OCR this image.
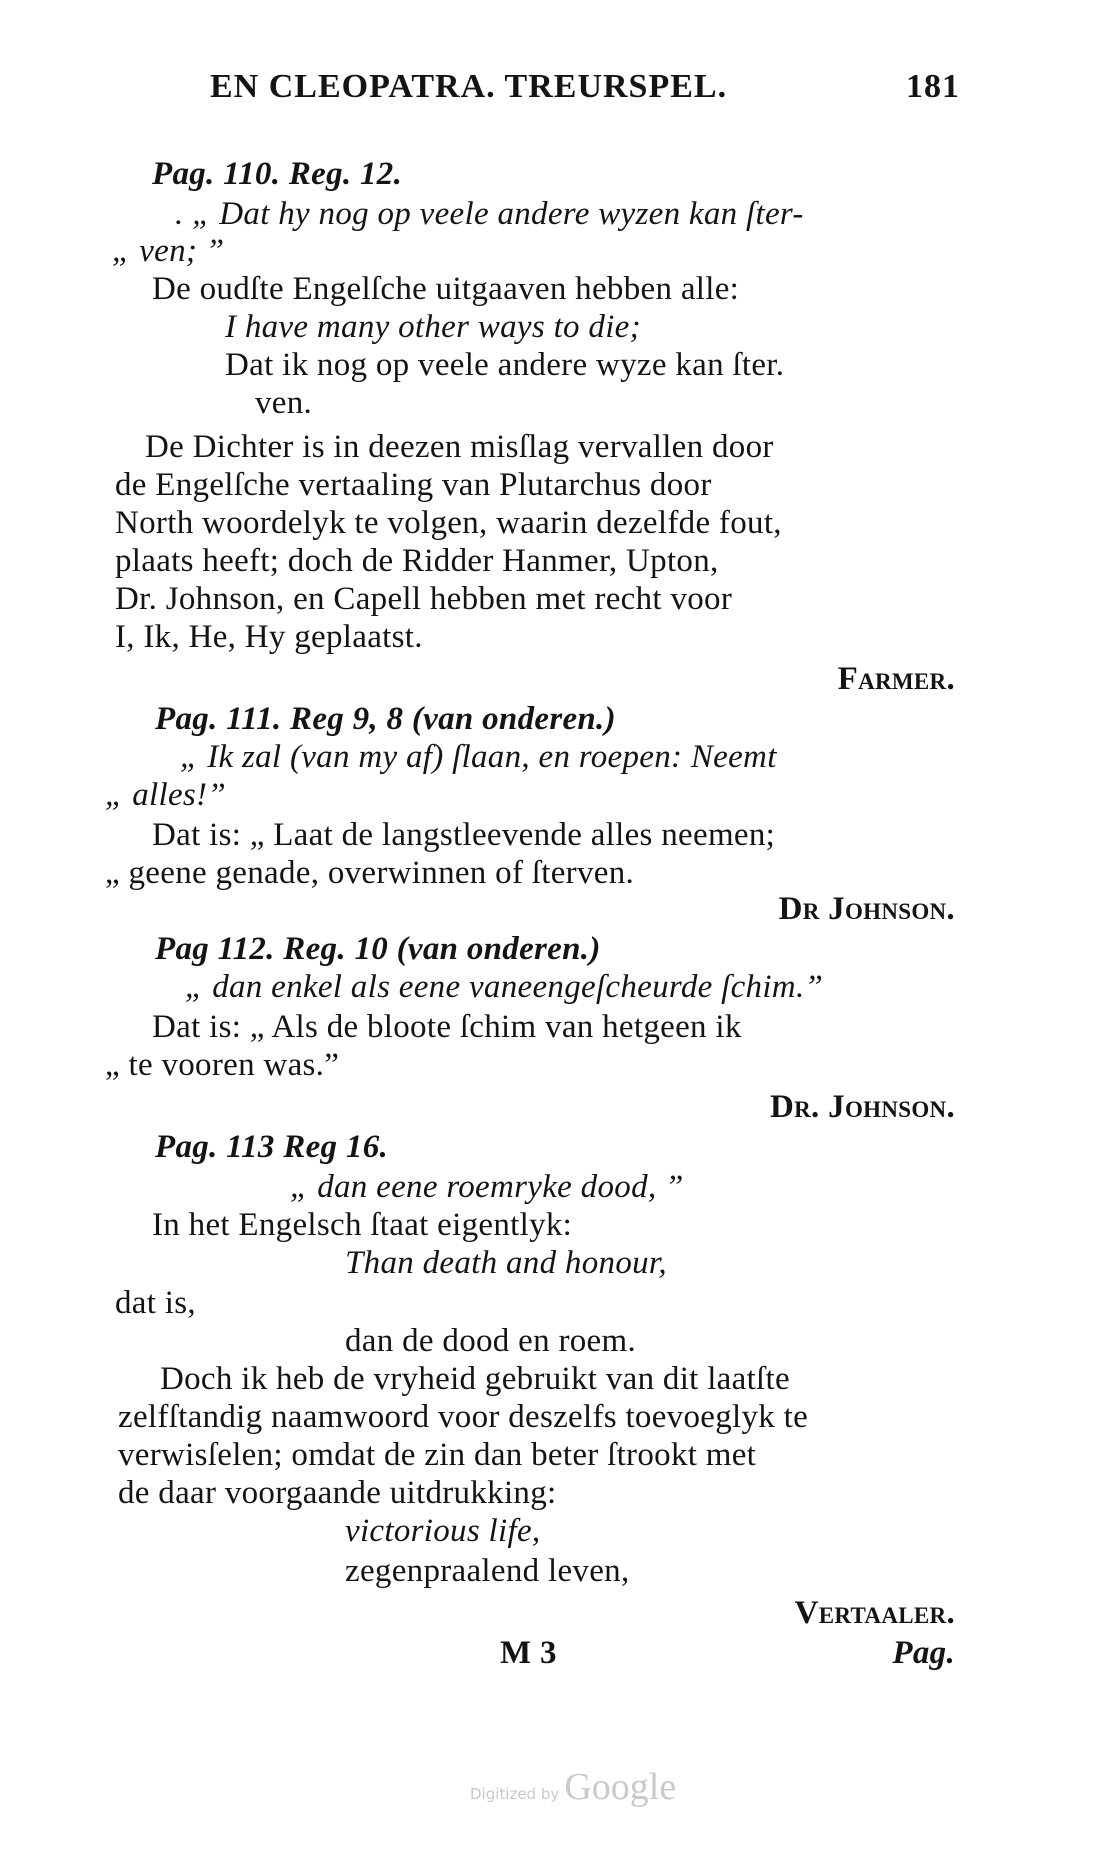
EN CLEOPATRA. TREURSPEL.	181
Pag. 110. Reg. 12.
. „ Dat hy nog op veele andere wyzen kan ſter-
„ ven; ”
De oudſte Engelſche uitgaaven hebben alle:
I have many other ways to die;
Dat ik nog op veele andere wyze kan ſter.
ven.
De Dichter is in deezen misſlag vervallen door
de Engelſche vertaaling van Plutarchus door
North woordelyk te volgen, waarin dezelfde fout,
plaats heeft; doch de Ridder Hanmer, Upton,
Dr. Johnson, en Capell hebben met recht voor
I, Ik, He, Hy geplaatst.
Farmer.
Pag. 111. Reg 9, 8 (van onderen.)
„ Ik zal (van my af) ſlaan, en roepen: Neemt
„ alles!”
Dat is: „ Laat de langstleevende alles neemen;
„ geene genade, overwinnen of ſterven.
Dr Johnson.
Pag 112. Reg. 10 (van onderen.)
„ dan enkel als eene vaneengeſcheurde ſchim.”
Dat is: „ Als de bloote ſchim van hetgeen ik
„ te vooren was.”
Dr. Johnson.
Pag. 113 Reg 16.
„ dan eene roemryke dood, ”
In het Engelsch ſtaat eigentlyk:
Than death and honour,
dat is,
dan de dood en roem.
Doch ik heb de vryheid gebruikt van dit laatſte
zelfſtandig naamwoord voor deszelfs toevoeglyk te
verwisſelen; omdat de zin dan beter ſtrookt met
de daar voorgaande uitdrukking:
victorious life,
zegenpraalend leven,
Vertaaler.
M 3	Pag.
Digitized by Google
